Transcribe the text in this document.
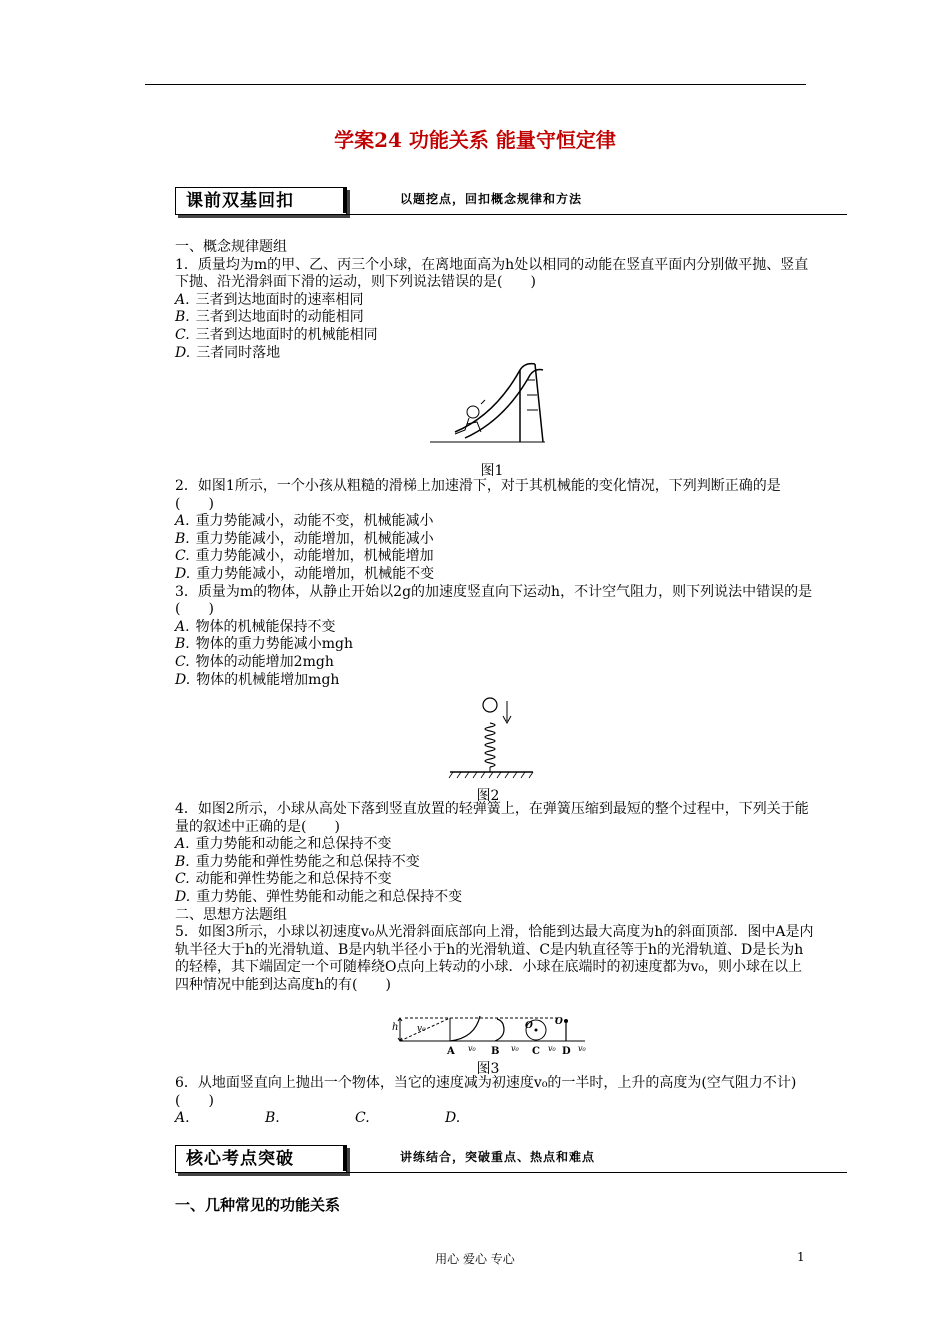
学案24 功能关系 能量守恒定律
课前双基回扣	以题挖点，回扣概念规律和方法

一、概念规律题组

1．质量均为m的甲、乙、丙三个小球，在离地面高为h处以相同的动能在竖直平面内分别做平抛、竖直下抛、沿光滑斜面下滑的运动，则下列说法错误的是(　　)

A. 三者到达地面时的速率相同

B. 三者到达地面时的动能相同

C. 三者到达地面时的机械能相同

D. 三者同时落地

图1

2．如图1所示，一个小孩从粗糙的滑梯上加速滑下，对于其机械能的变化情况，下列判断正确的是(　　)

A. 重力势能减小，动能不变，机械能减小

B. 重力势能减小，动能增加，机械能减小

C. 重力势能减小，动能增加，机械能增加

D. 重力势能减小，动能增加，机械能不变

3．质量为m的物体，从静止开始以2g的加速度竖直向下运动h，不计空气阻力，则下列说法中错误的是(　　)

A. 物体的机械能保持不变

B. 物体的重力势能减小mgh

C. 物体的动能增加2mgh

D. 物体的机械能增加mgh

图2

4．如图2所示，小球从高处下落到竖直放置的轻弹簧上，在弹簧压缩到最短的整个过程中，下列关于能量的叙述中正确的是(　　)

A. 重力势能和动能之和总保持不变

B. 重力势能和弹性势能之和总保持不变

C. 动能和弹性势能之和总保持不变

D. 重力势能、弹性势能和动能之和总保持不变

二、思想方法题组

5．如图3所示，小球以初速度v₀从光滑斜面底部向上滑，恰能到达最大高度为h的斜面顶部．图中A是内轨半径大于h的光滑轨道、B是内轨半径小于h的光滑轨道、C是内轨直径等于h的光滑轨道、D是长为h的轻棒，其下端固定一个可随棒绕O点向上转动的小球．小球在底端时的初速度都为v₀，则小球在以上四种情况中能到达高度h的有(　　)

h v₀	O O
A v₀ B v₀ C v₀ D v₀
图3

6．从地面竖直向上抛出一个物体，当它的速度减为初速度v₀的一半时，上升的高度为(空气阻力不计)(　　)

A.	B.	C.	D.

核心考点突破	讲练结合，突破重点、热点和难点
一、几种常见的功能关系
用心 爱心 专心	1
